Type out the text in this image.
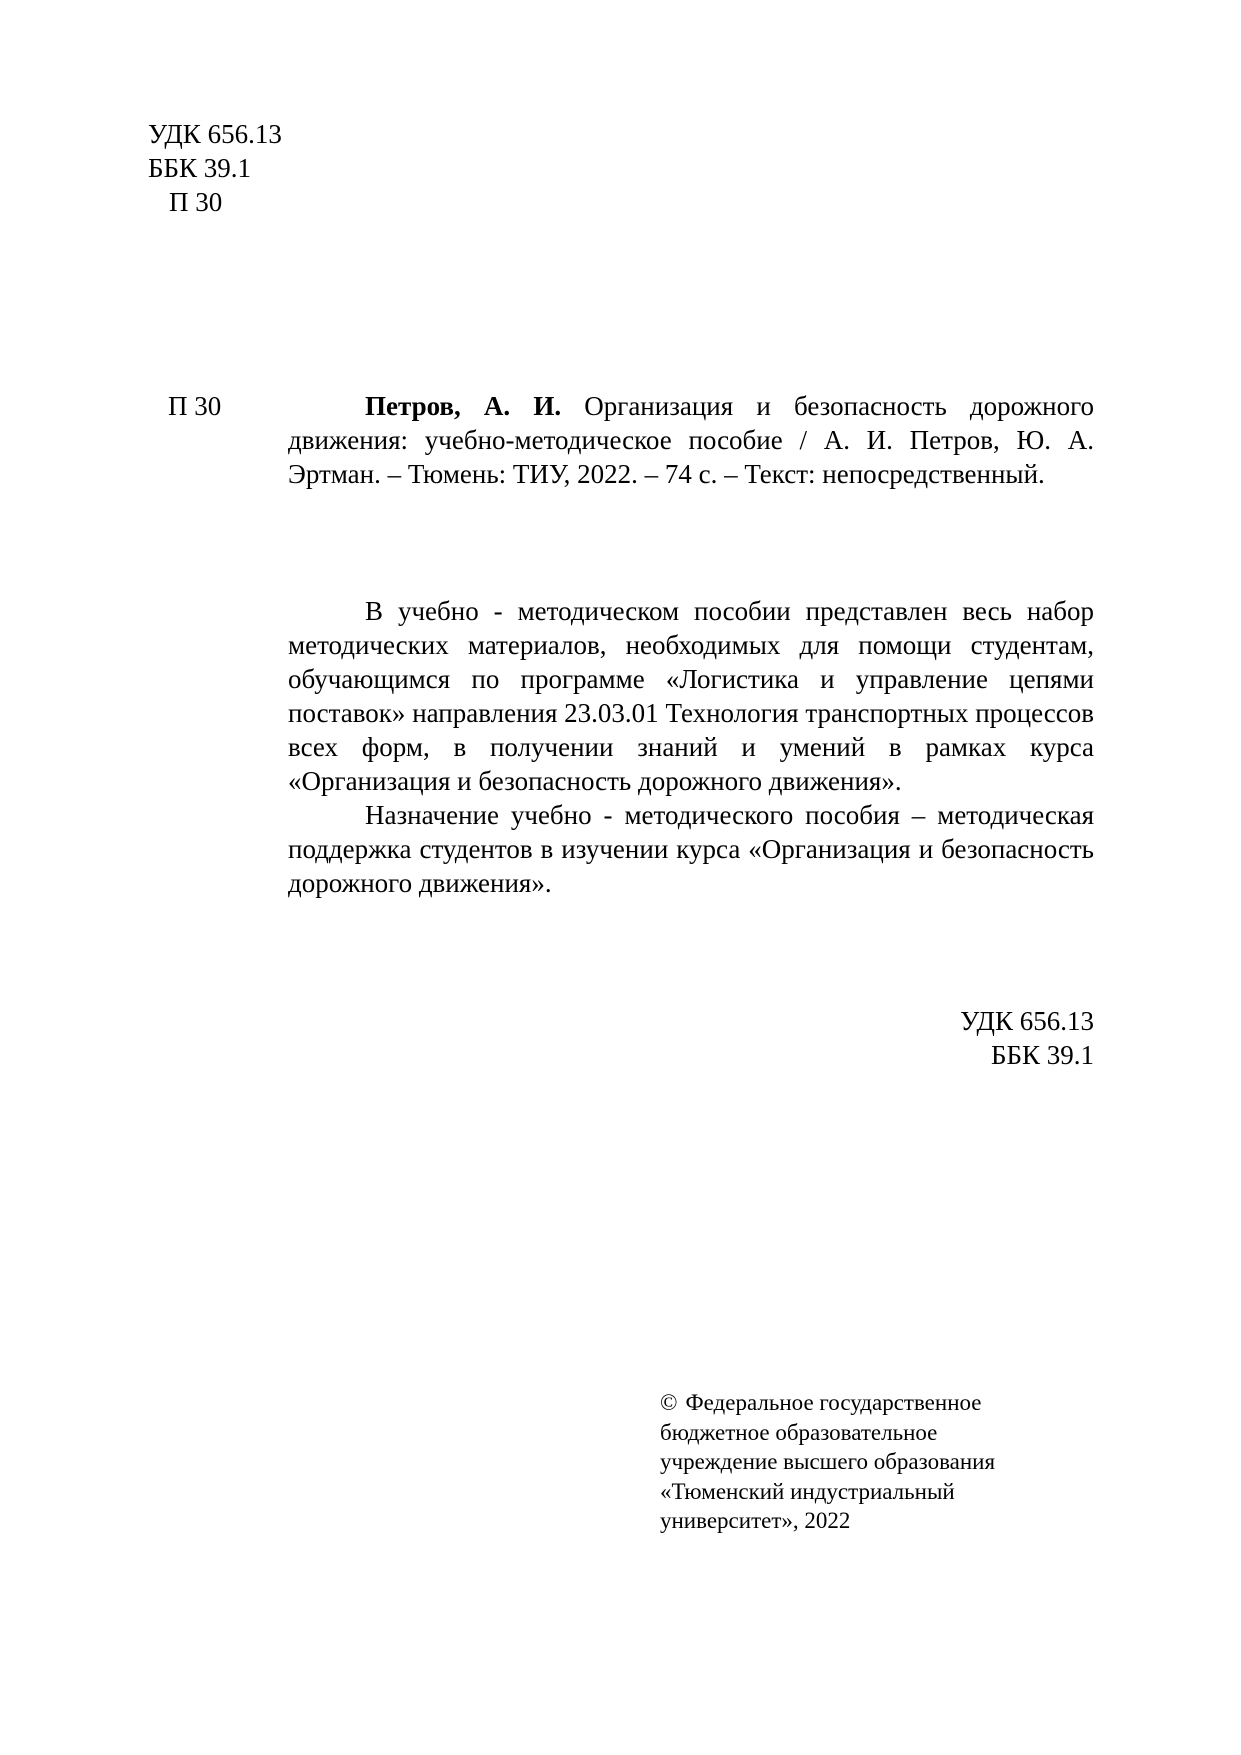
УДК 656.13
ББК 39.1
П 30
П 30	Петров, А. И. Организация и безопасность дорожного движения: учебно-методическое пособие / А. И. Петров, Ю. А. Эртман. – Тюмень: ТИУ, 2022. – 74 с. – Текст: непосредственный.

В учебно - методическом пособии представлен весь набор методических материалов, необходимых для помощи студентам, обучающимся по программе «Логистика и управление цепями поставок» направления 23.03.01 Технология транспортных процессов всех форм, в получении знаний и умений в рамках курса «Организация и безопасность дорожного движения».

Назначение учебно - методического пособия – методическая поддержка студентов в изучении курса «Организация и безопасность дорожного движения».

УДК 656.13
ББК 39.1
© Федеральное государственное
бюджетное образовательное
учреждение высшего образования
«Тюменский индустриальный
университет», 2022
